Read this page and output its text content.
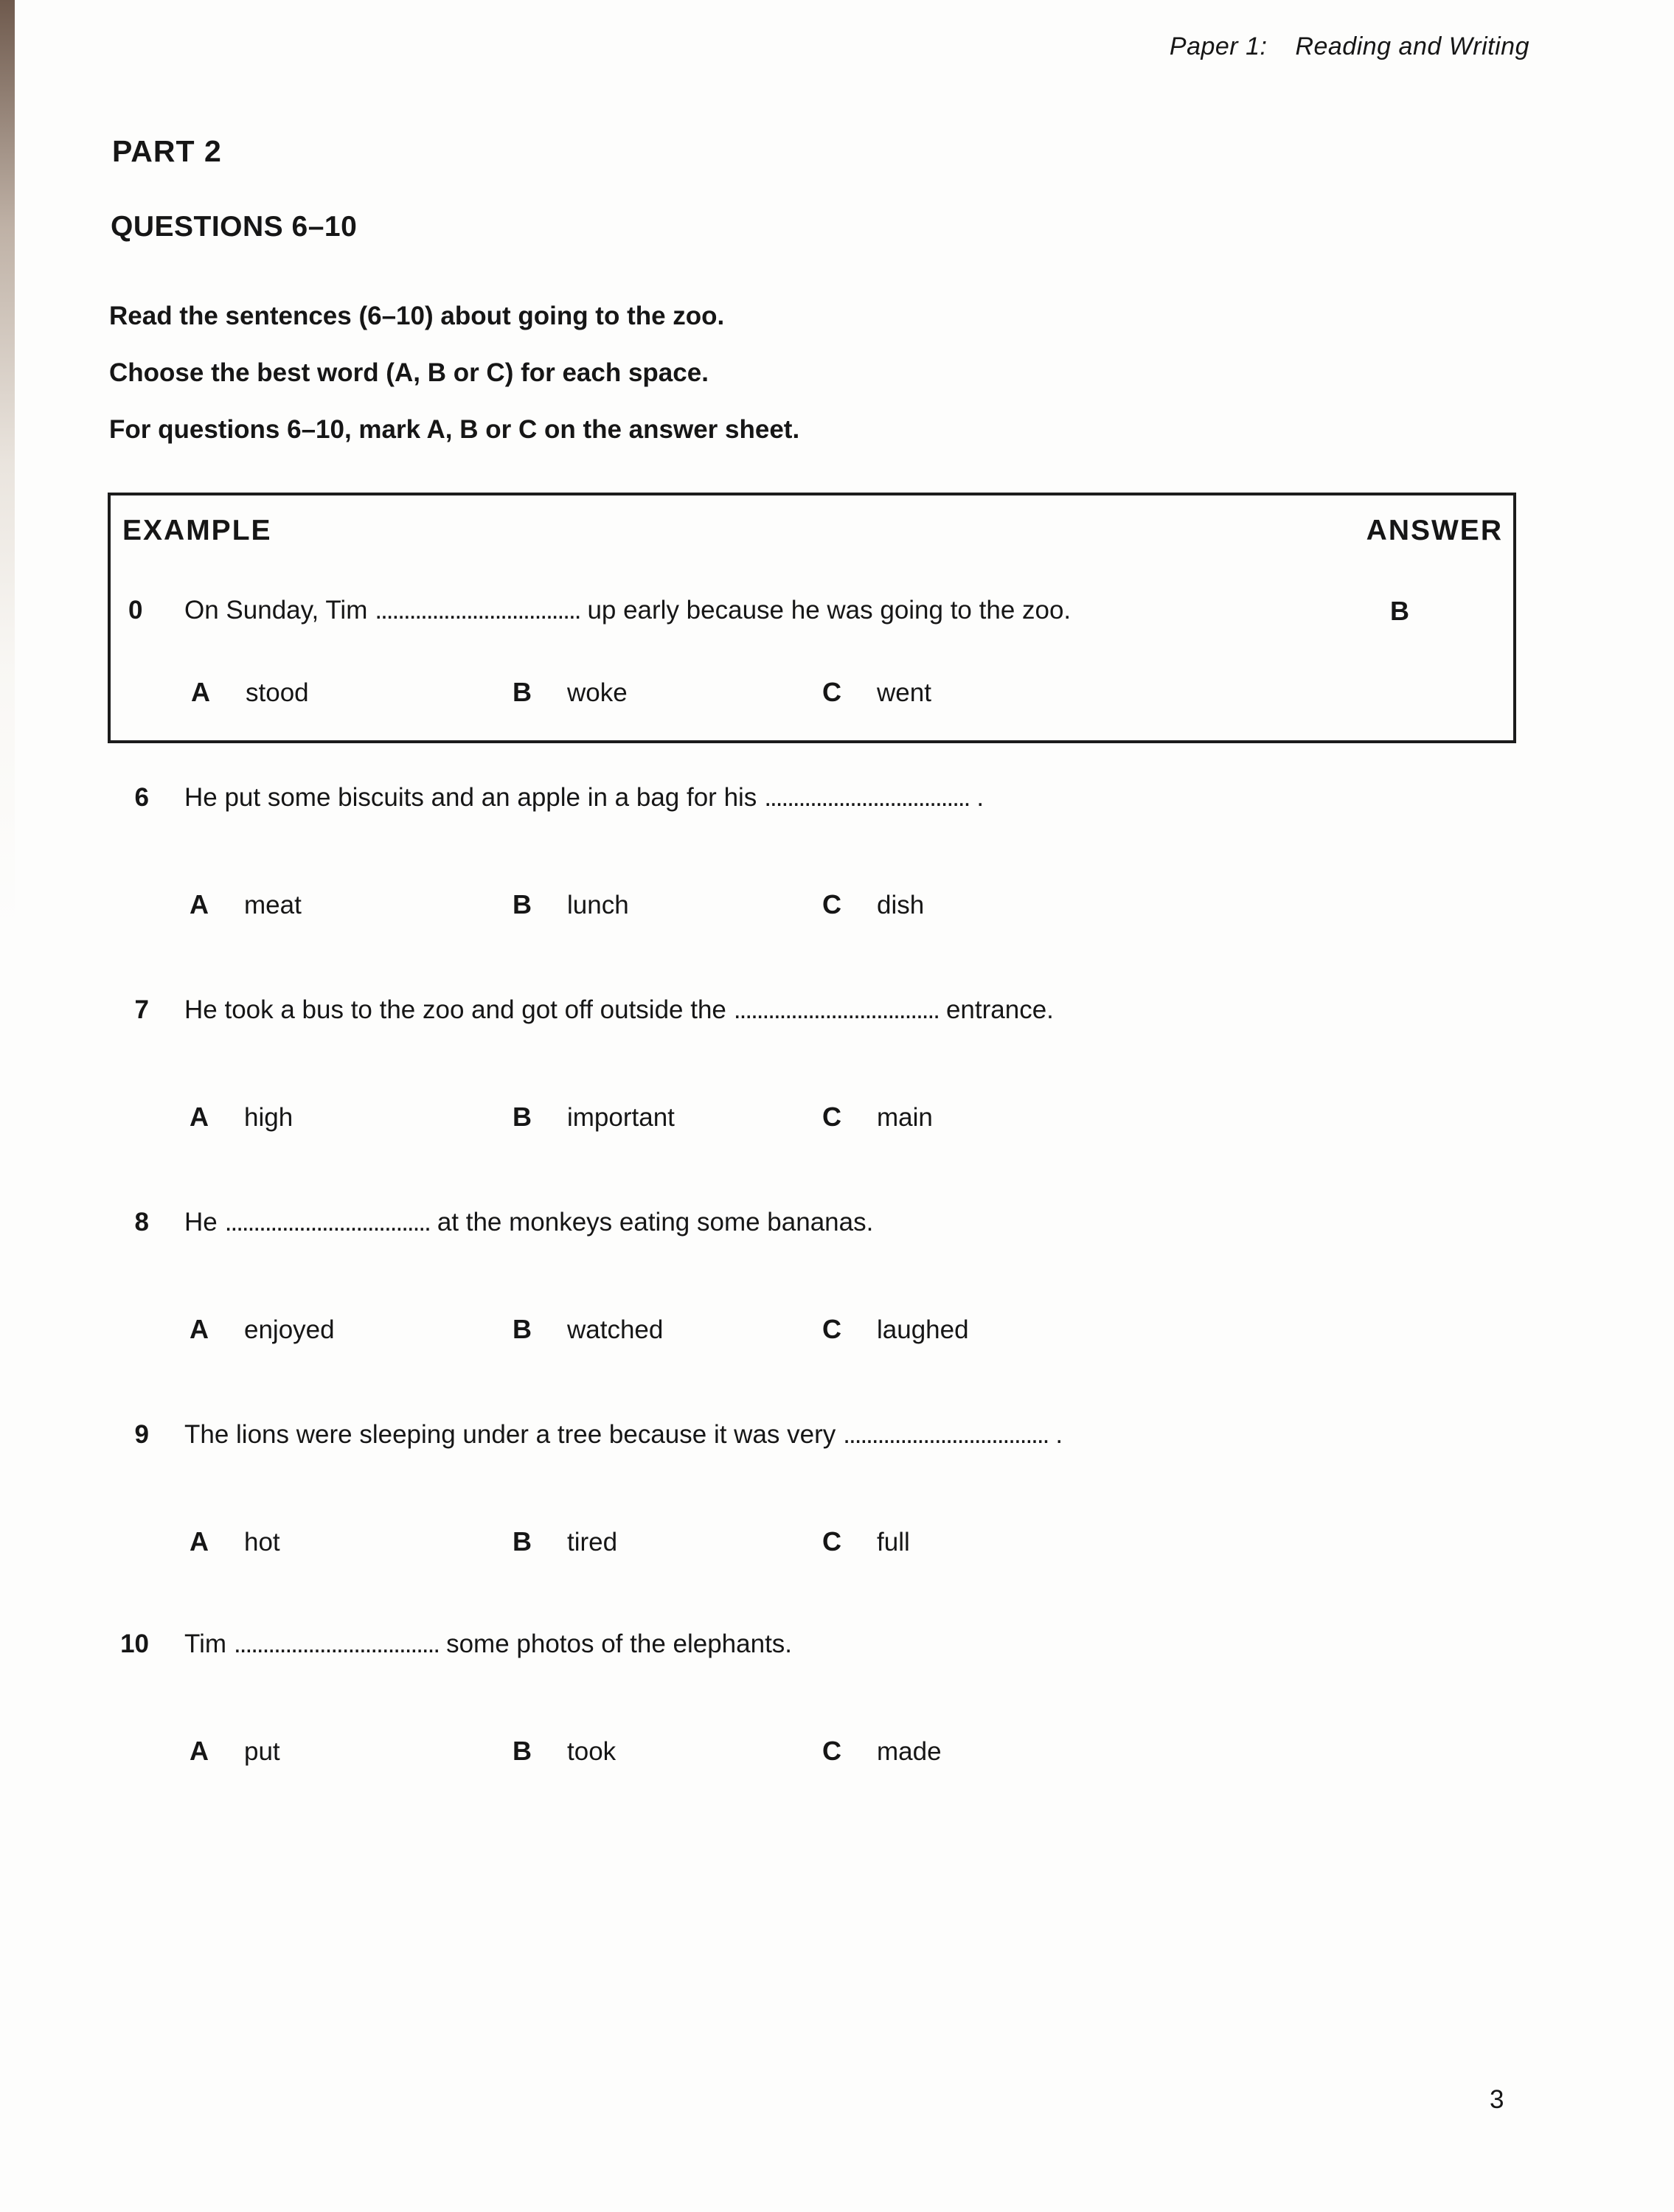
Paper 1: Reading and Writing
PART 2
QUESTIONS 6–10
Read the sentences (6–10) about going to the zoo.
Choose the best word (A, B or C) for each space.
For questions 6–10, mark A, B or C on the answer sheet.
EXAMPLE	ANSWER
0	On Sunday, Tim .................................... up early because he was going to the zoo.	B
A stood	B woke	C went
6 He put some biscuits and an apple in a bag for his .................................... .
A meat	B lunch	C dish
7 He took a bus to the zoo and got off outside the .................................... entrance.
A high	B important	C main
8 He .................................... at the monkeys eating some bananas.
A enjoyed	B watched	C laughed
9 The lions were sleeping under a tree because it was very .................................... .
A hot	B tired	C full
10 Tim .................................... some photos of the elephants.
A put	B took	C made
3
